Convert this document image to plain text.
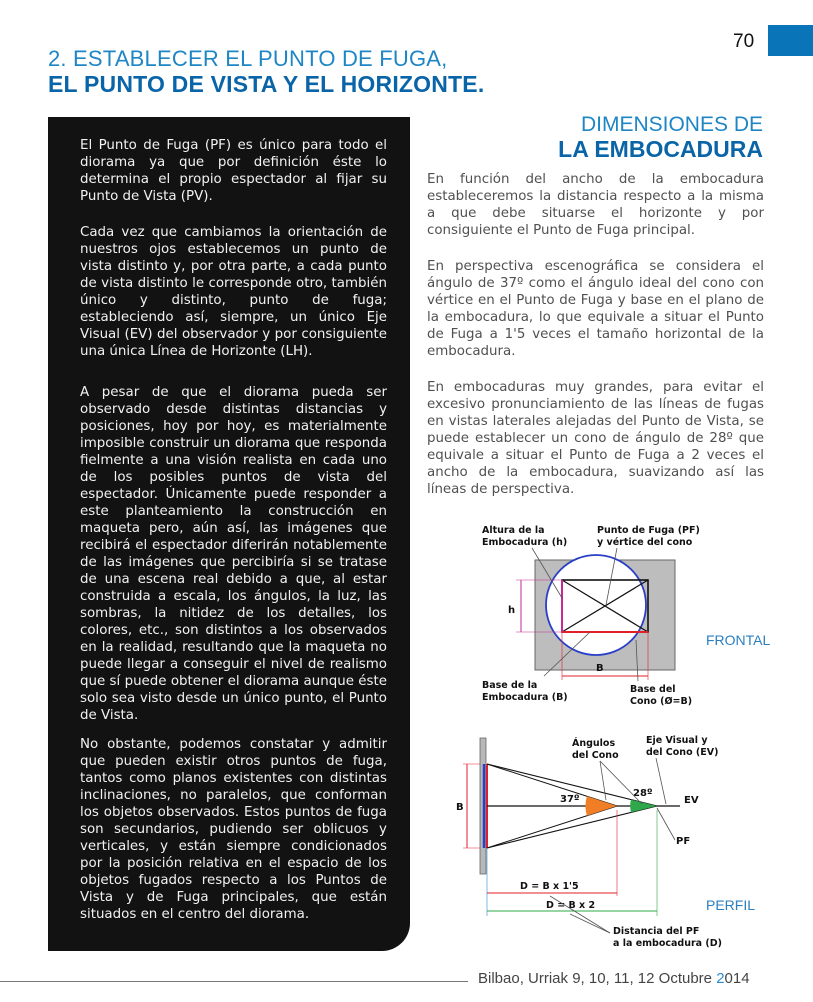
70
2. ESTABLECER EL PUNTO DE FUGA,
EL PUNTO DE VISTA Y EL HORIZONTE.

El Punto de Fuga (PF) es único para todo el diorama ya que por definición éste lo determina el propio espectador al fijar su Punto de Vista (PV).

Cada vez que cambiamos la orientación de nuestros ojos establecemos un punto de vista distinto y, por otra parte, a cada punto de vista distinto le corresponde otro, también único y distinto, punto de fuga; estableciendo así, siempre, un único Eje Visual (EV) del observador y por consiguiente una única Línea de Horizonte (LH).

A pesar de que el diorama pueda ser observado desde distintas distancias y posiciones, hoy por hoy, es materialmente imposible construir un diorama que responda fielmente a una visión realista en cada uno de los posibles puntos de vista del espectador. Únicamente puede responder a este planteamiento la construcción en maqueta pero, aún así, las imágenes que recibirá el espectador diferirán notablemente de las imágenes que percibiría si se tratase de una escena real debido a que, al estar construida a escala, los ángulos, la luz, las sombras, la nitidez de los detalles, los colores, etc., son distintos a los observados en la realidad, resultando que la maqueta no puede llegar a conseguir el nivel de realismo que sí puede obtener el diorama aunque éste solo sea visto desde un único punto, el Punto de Vista.

No obstante, podemos constatar y admitir que pueden existir otros puntos de fuga, tantos como planos existentes con distintas inclinaciones, no paralelos, que conforman los objetos observados. Estos puntos de fuga son secundarios, pudiendo ser oblicuos y verticales, y están siempre condicionados por la posición relativa en el espacio de los objetos fugados respecto a los Puntos de Vista y de Fuga principales, que están situados en el centro del diorama.

DIMENSIONES DE
LA EMBOCADURA

En función del ancho de la embocadura estableceremos la distancia respecto a la misma a que debe situarse el horizonte y por consiguiente el Punto de Fuga principal.

En perspectiva escenográfica se considera el ángulo de 37º como el ángulo ideal del cono con vértice en el Punto de Fuga y base en el plano de la embocadura, lo que equivale a situar el Punto de Fuga a 1'5 veces el tamaño horizontal de la embocadura.

En embocaduras muy grandes, para evitar el excesivo pronunciamiento de las líneas de fugas en vistas laterales alejadas del Punto de Vista, se puede establecer un cono de ángulo de 28º que equivale a situar el Punto de Fuga a 2 veces el ancho de la embocadura, suavizando así las líneas de perspectiva.

h
B
Altura de la
Embocadura (h)
Punto de Fuga (PF)
y vértice del cono
Base de la
Embocadura (B)
Base del
Cono (Ø=B)
FRONTAL
37º
28º
EV
PF
B
Ángulos
del Cono
Eje Visual y
del Cono (EV)
D = B x 1'5
D = B x 2
Distancia del PF
a la embocadura (D)
PERFIL
Bilbao, Urriak 9, 10, 11, 12 Octubre 2014
